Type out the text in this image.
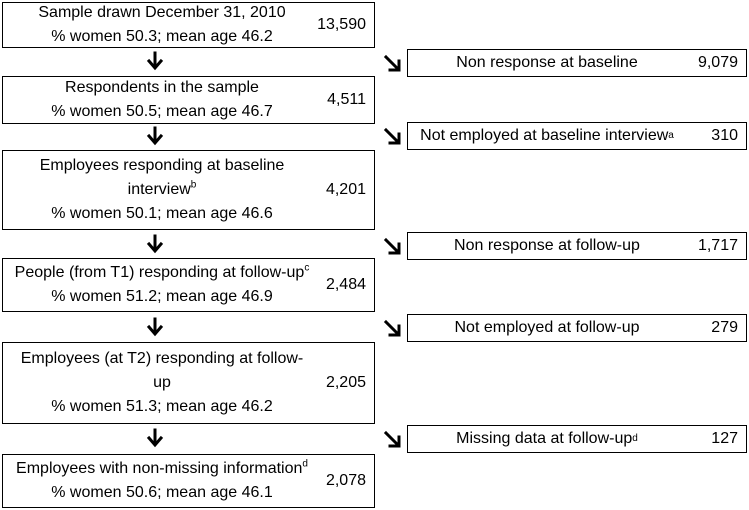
Sample drawn December 31, 2010
% women 50.3; mean age 46.2
13,590
Respondents in the sample
% women 50.5; mean age 46.7
4,511
Employees responding at baseline
interview$^b$
% women 50.1; mean age 46.6
4,201
People (from T1) responding at follow-$up^c$
% women 51.2; mean age 46.9
2,484
Employees (at T2) responding at follow-
up
% women 51.3; mean age 46.2
2,205
Employees with non-missing information$^d$
% women 50.6; mean age 46.1
2,078
Non response at baseline	9,079
Not employed at baseline interview a 310
Non response at follow-up	1,717
Not employed at follow-up	279
Missing data at follow-up d	127
